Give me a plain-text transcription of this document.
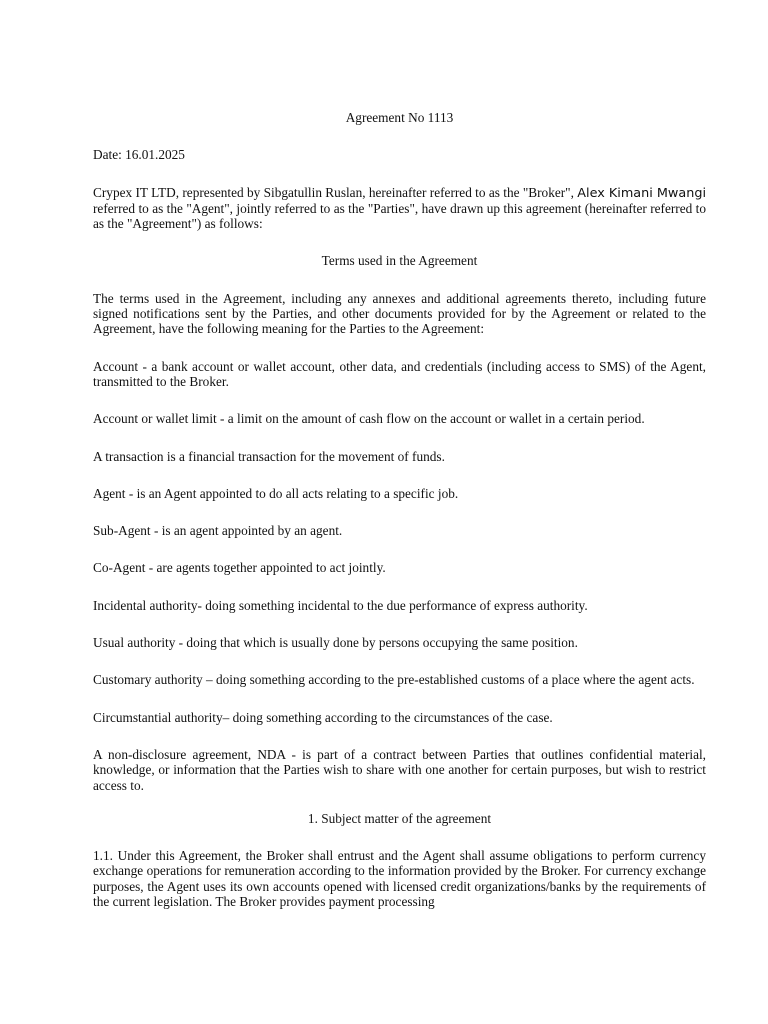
Agreement No 1113

Date: 16.01.2025

Crypex IT LTD, represented by Sibgatullin Ruslan, hereinafter referred to as the "Broker", Alex Kimani Mwangi referred to as the "Agent", jointly referred to as the "Parties", have drawn up this agreement (hereinafter referred to as the "Agreement") as follows:

Terms used in the Agreement

The terms used in the Agreement, including any annexes and additional agreements thereto, including future signed notifications sent by the Parties, and other documents provided for by the Agreement or related to the Agreement, have the following meaning for the Parties to the Agreement:

Account - a bank account or wallet account, other data, and credentials (including access to SMS) of the Agent, transmitted to the Broker.

Account or wallet limit - a limit on the amount of cash flow on the account or wallet in a certain period.

A transaction is a financial transaction for the movement of funds.

Agent - is an Agent appointed to do all acts relating to a specific job.

Sub-Agent - is an agent appointed by an agent.

Co-Agent - are agents together appointed to act jointly.

Incidental authority- doing something incidental to the due performance of express authority.

Usual authority - doing that which is usually done by persons occupying the same position.

Customary authority – doing something according to the pre-established customs of a place where the agent acts.

Circumstantial authority– doing something according to the circumstances of the case.

A non-disclosure agreement, NDA - is part of a contract between Parties that outlines confidential material, knowledge, or information that the Parties wish to share with one another for certain purposes, but wish to restrict access to.

1. Subject matter of the agreement

1.1. Under this Agreement, the Broker shall entrust and the Agent shall assume obligations to perform currency exchange operations for remuneration according to the information provided by the Broker. For currency exchange purposes, the Agent uses its own accounts opened with licensed credit organizations/banks by the requirements of the current legislation. The Broker provides payment processing
